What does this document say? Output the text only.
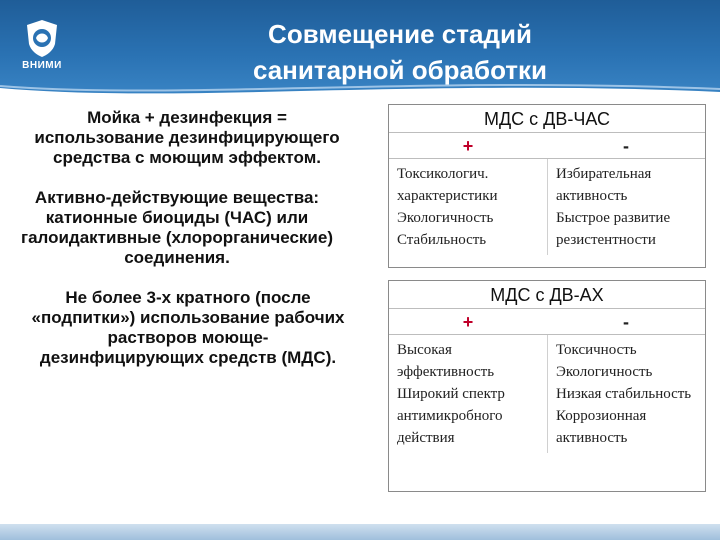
ВНИМИ
Совмещение стадий
санитарной обработки
Мойка + дезинфекция = использование дезинфицирующего средства с моющим эффектом.
Активно-действующие вещества: катионные биоциды (ЧАС) или галоидактивные (хлорорганические) соединения.
Не более 3-х кратного (после «подпитки») использование рабочих растворов моюще-дезинфицирующих средств (МДС).
МДС с ДВ-ЧАС
+	-
Токсикологич. характеристики
Экологичность
Стабильность
Избирательная активность
Быстрое развитие резистентности
МДС с ДВ-АХ
+	-
Высокая эффективность
Широкий спектр антимикробного действия
Токсичность
Экологичность
Низкая стабильность
Коррозионная активность
